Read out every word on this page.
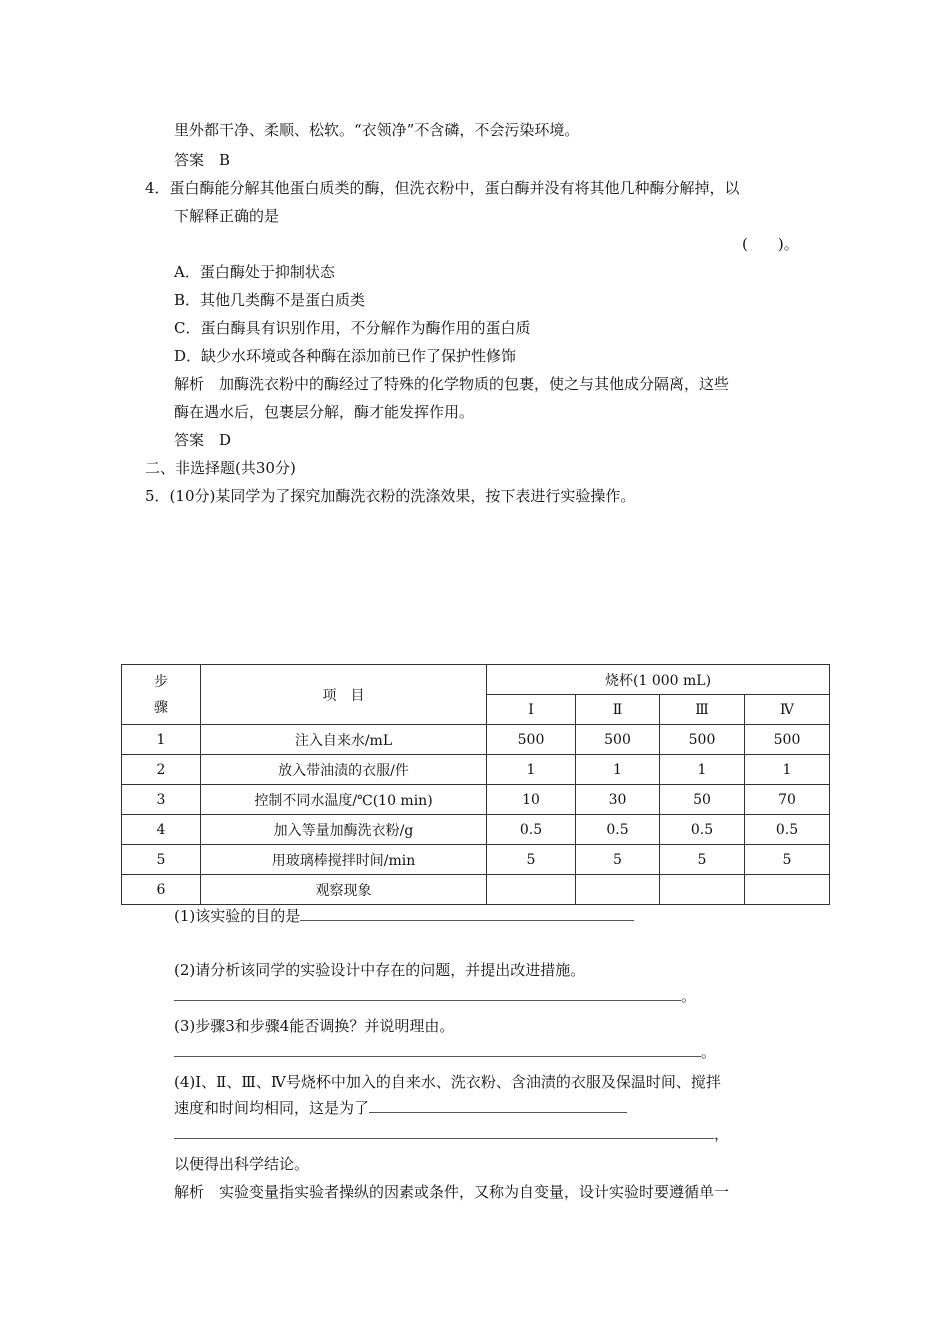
里外都干净、柔顺、松软。“衣领净”不含磷，不会污染环境。
答案　B
4．蛋白酶能分解其他蛋白质类的酶，但洗衣粉中，蛋白酶并没有将其他几种酶分解掉，以
下解释正确的是
(　　)。
A．蛋白酶处于抑制状态
B．其他几类酶不是蛋白质类
C．蛋白酶具有识别作用，不分解作为酶作用的蛋白质
D．缺少水环境或各种酶在添加前已作了保护性修饰
解析　加酶洗衣粉中的酶经过了特殊的化学物质的包裹，使之与其他成分隔离，这些
酶在遇水后，包裹层分解，酶才能发挥作用。
答案　D
二、非选择题(共30分)
5．(10分)某同学为了探究加酶洗衣粉的洗涤效果，按下表进行实验操作。
步骤	项　目	烧杯(1 000 mL)			
		Ⅰ	Ⅱ	Ⅲ	Ⅳ
1	注入自来水/mL	500	500	500	500
2	放入带油渍的衣服/件	1	1	1	1
3	控制不同水温度/℃(10 min)	10	30	50	70
4	加入等量加酶洗衣粉/g	0.5	0.5	0.5	0.5
5	用玻璃棒搅拌时间/min	5	5	5	5
6	观察现象				
(1)该实验的目的是
(2)请分析该同学的实验设计中存在的问题，并提出改进措施。
。
(3)步骤3和步骤4能否调换？并说明理由。
。
(4)Ⅰ、Ⅱ、Ⅲ、Ⅳ号烧杯中加入的自来水、洗衣粉、含油渍的衣服及保温时间、搅拌
速度和时间均相同，这是为了
，
以便得出科学结论。
解析　实验变量指实验者操纵的因素或条件，又称为自变量，设计实验时要遵循单一
